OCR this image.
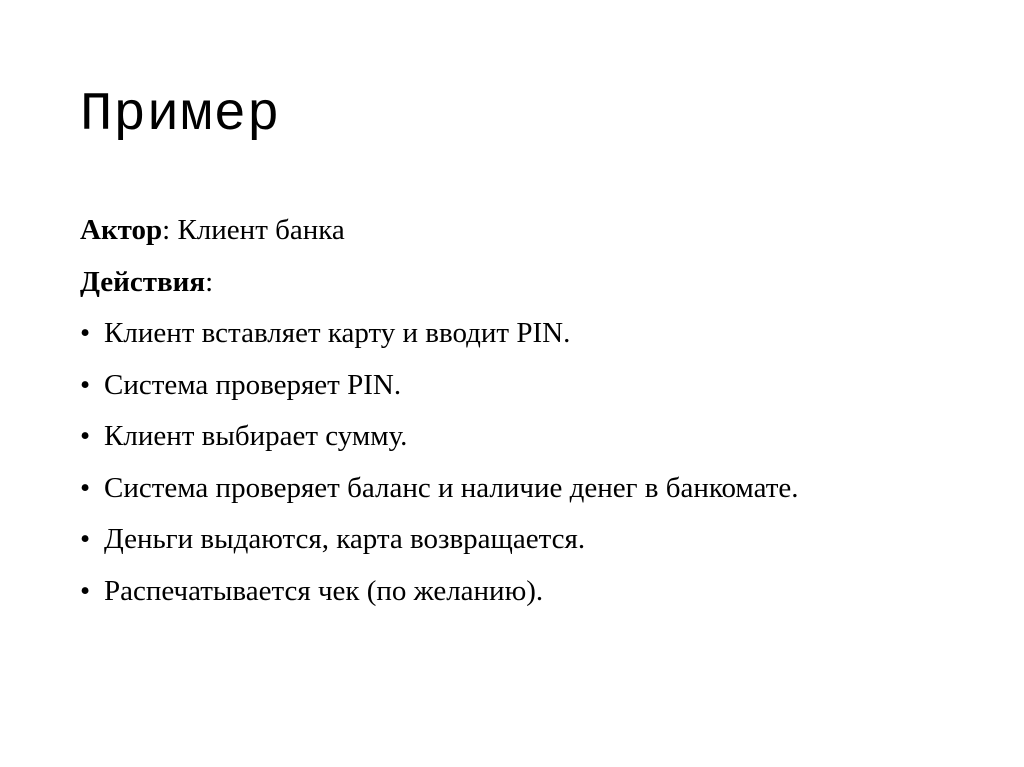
Пример
Актор: Клиент банка
Действия:
• Клиент вставляет карту и вводит PIN.
• Система проверяет PIN.
• Клиент выбирает сумму.
• Система проверяет баланс и наличие денег в банкомате.
• Деньги выдаются, карта возвращается.
• Распечатывается чек (по желанию).
